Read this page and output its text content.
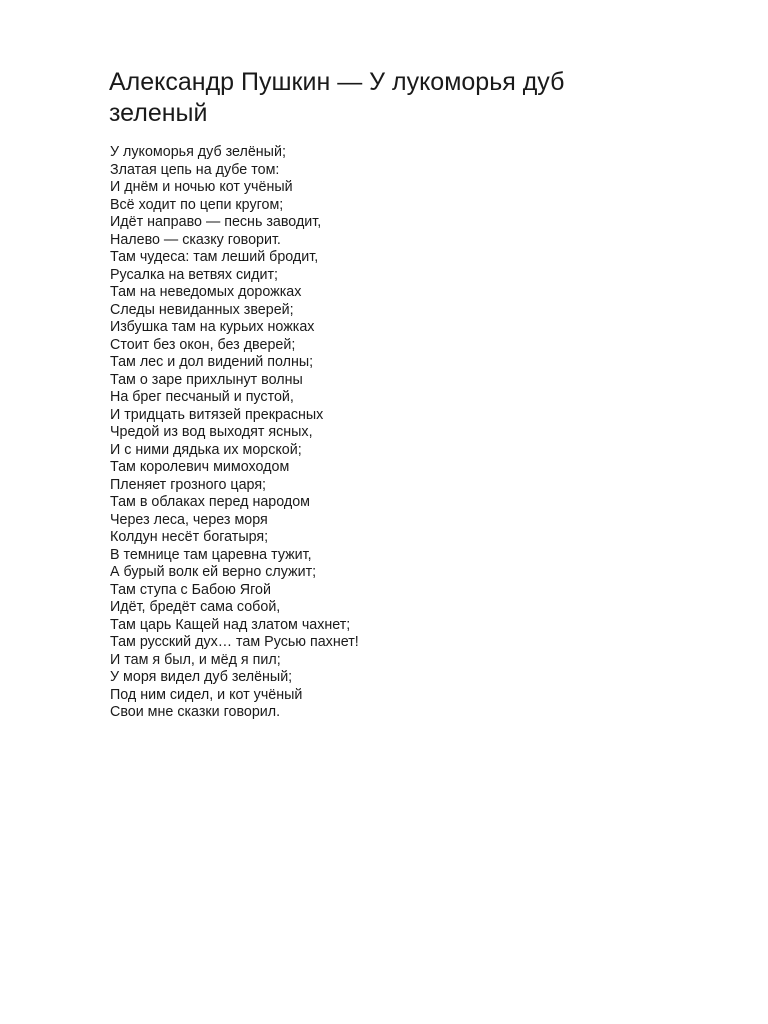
Александр Пушкин — У лукоморья дуб зеленый
У лукоморья дуб зелёный;
Златая цепь на дубе том:
И днём и ночью кот учёный
Всё ходит по цепи кругом;
Идёт направо — песнь заводит,
Налево — сказку говорит.
Там чудеса: там леший бродит,
Русалка на ветвях сидит;
Там на неведомых дорожках
Следы невиданных зверей;
Избушка там на курьих ножках
Стоит без окон, без дверей;
Там лес и дол видений полны;
Там о заре прихлынут волны
На брег песчаный и пустой,
И тридцать витязей прекрасных
Чредой из вод выходят ясных,
И с ними дядька их морской;
Там королевич мимоходом
Пленяет грозного царя;
Там в облаках перед народом
Через леса, через моря
Колдун несёт богатыря;
В темнице там царевна тужит,
А бурый волк ей верно служит;
Там ступа с Бабою Ягой
Идёт, бредёт сама собой,
Там царь Кащей над златом чахнет;
Там русский дух… там Русью пахнет!
И там я был, и мёд я пил;
У моря видел дуб зелёный;
Под ним сидел, и кот учёный
Свои мне сказки говорил.
